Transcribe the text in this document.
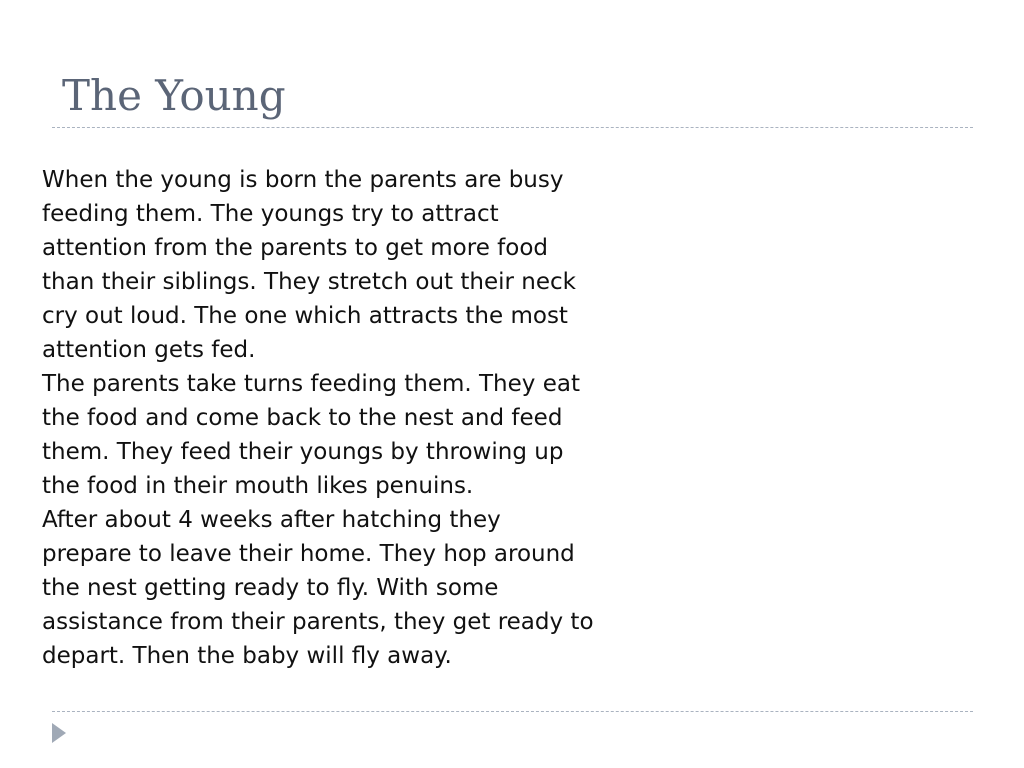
The Young
When the young is born the parents are busy
feeding them. The youngs try to attract
attention from the parents to get more food
than their siblings. They stretch out their neck
cry out loud. The one which attracts the most
attention gets fed.
The parents take turns feeding them. They eat
the food and come back to the nest and feed
them. They feed their youngs by throwing up
the food in their mouth likes penuins.
After about 4 weeks after hatching they
prepare to leave their home. They hop around
the nest getting ready to fly. With some
assistance from their parents, they get ready to
depart. Then the baby will fly away.
